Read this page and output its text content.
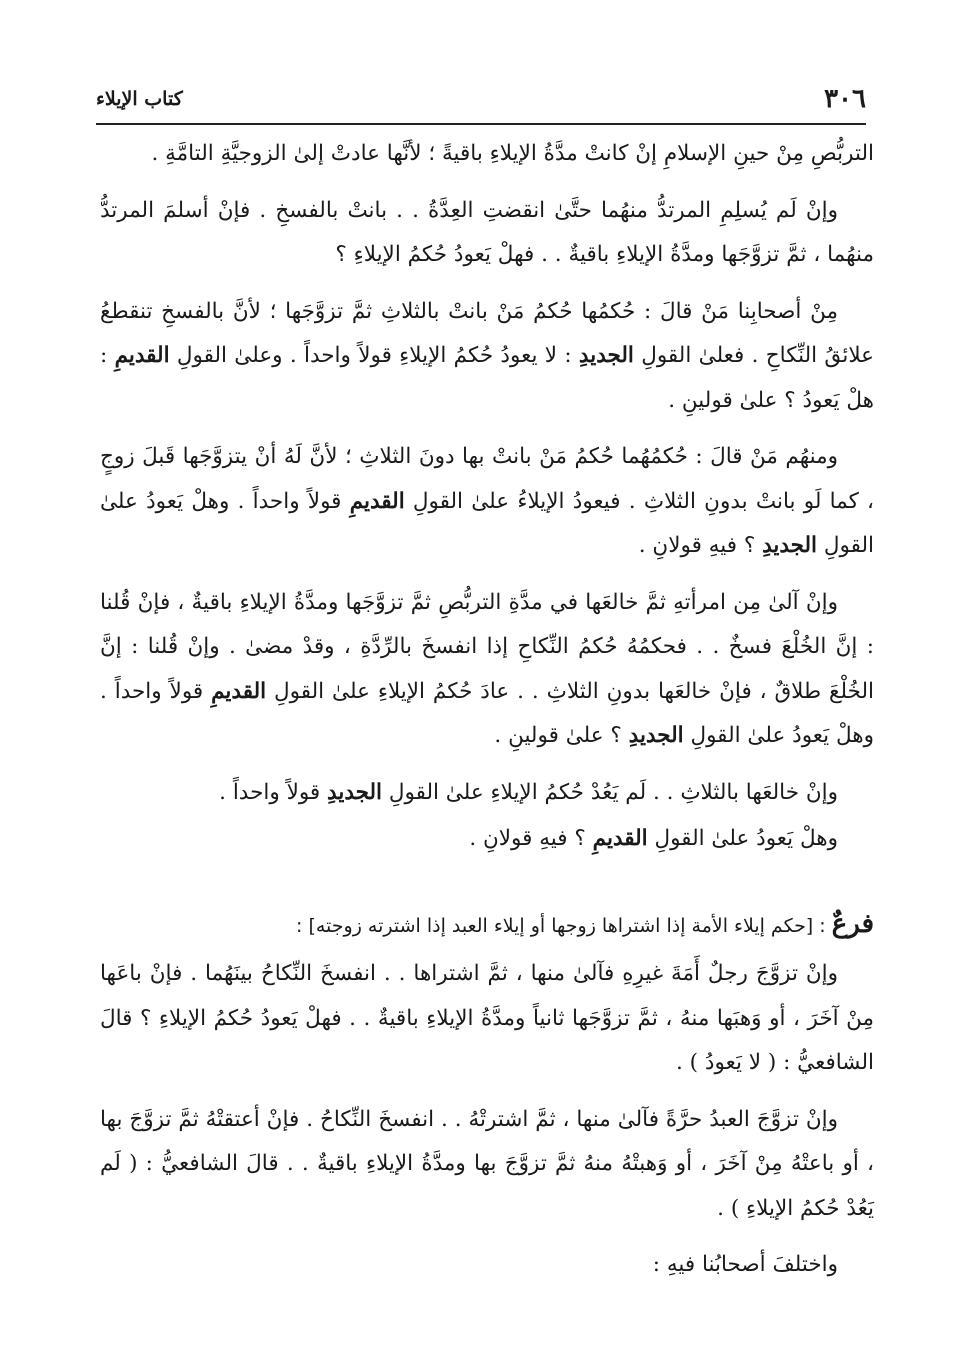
٣٠٦
كتاب الإيلاء

التربُّصِ مِنْ حينِ الإسلامِ إنْ كانتْ مدَّةُ الإيلاءِ باقيةً ؛ لأنَّها عادتْ إلىٰ الزوجيَّةِ التامَّةِ .

وإنْ لَم يُسلِمِ المرتدُّ منهُما حتَّىٰ انقضتِ العِدَّةُ . . بانتْ بالفسخِ . فإنْ أسلمَ المرتدُّ منهُما ، ثمَّ تزوَّجَها ومدَّةُ الإيلاءِ باقيةٌ . . فهلْ يَعودُ حُكمُ الإيلاءِ ؟

مِنْ أصحابِنا مَنْ قالَ : حُكمُها حُكمُ مَنْ بانتْ بالثلاثِ ثمَّ تزوَّجَها ؛ لأنَّ بالفسخِ تنقطعُ علائقُ النِّكاحِ . فعلىٰ القولِ الجديدِ : لا يعودُ حُكمُ الإيلاءِ قولاً واحداً . وعلىٰ القولِ القديمِ : هلْ يَعودُ ؟ علىٰ قولينِ .

ومنهُم مَنْ قالَ : حُكمُهُما حُكمُ مَنْ بانتْ بها دونَ الثلاثِ ؛ لأنَّ لَهُ أنْ يتزوَّجَها قَبلَ زوجٍ ، كما لَو بانتْ بدونِ الثلاثِ . فيعودُ الإيلاءُ علىٰ القولِ القديمِ قولاً واحداً . وهلْ يَعودُ علىٰ القولِ الجديدِ ؟ فيهِ قولانِ .

وإنْ آلىٰ مِن امرأتهِ ثمَّ خالعَها في مدَّةِ التربُّصِ ثمَّ تزوَّجَها ومدَّةُ الإيلاءِ باقيةٌ ، فإنْ قُلنا : إنَّ الخُلْعَ فسخٌ . . فحكمُهُ حُكمُ النِّكاحِ إذا انفسخَ بالرِّدَّةِ ، وقدْ مضىٰ . وإنْ قُلنا : إنَّ الخُلْعَ طلاقٌ ، فإنْ خالعَها بدونِ الثلاثِ . . عادَ حُكمُ الإيلاءِ علىٰ القولِ القديمِ قولاً واحداً . وهلْ يَعودُ علىٰ القولِ الجديدِ ؟ علىٰ قولينِ .

وإنْ خالعَها بالثلاثِ . . لَم يَعُدْ حُكمُ الإيلاءِ علىٰ القولِ الجديدِ قولاً واحداً .

وهلْ يَعودُ علىٰ القولِ القديمِ ؟ فيهِ قولانِ .

فرعٌ : [حكم إيلاء الأمة إذا اشتراها زوجها أو إيلاء العبد إذا اشترته زوجته] :

وإنْ تزوَّجَ رجلٌ أَمَةَ غيرِهِ فآلىٰ منها ، ثمَّ اشتراها . . انفسخَ النِّكاحُ بينَهُما . فإنْ باعَها مِنْ آخَرَ ، أو وَهبَها منهُ ، ثمَّ تزوَّجَها ثانياً ومدَّةُ الإيلاءِ باقيةٌ . . فهلْ يَعودُ حُكمُ الإيلاءِ ؟ قالَ الشافعيُّ : ( لا يَعودُ ) .

وإنْ تزوَّجَ العبدُ حرَّةً فآلىٰ منها ، ثمَّ اشترتْهُ . . انفسخَ النِّكاحُ . فإنْ أعتقتْهُ ثمَّ تزوَّجَ بها ، أو باعتْهُ مِنْ آخَرَ ، أو وَهبتْهُ منهُ ثمَّ تزوَّجَ بها ومدَّةُ الإيلاءِ باقيةٌ . . قالَ الشافعيُّ : ( لَم يَعُدْ حُكمُ الإيلاءِ ) .

واختلفَ أصحابُنا فيهِ :
